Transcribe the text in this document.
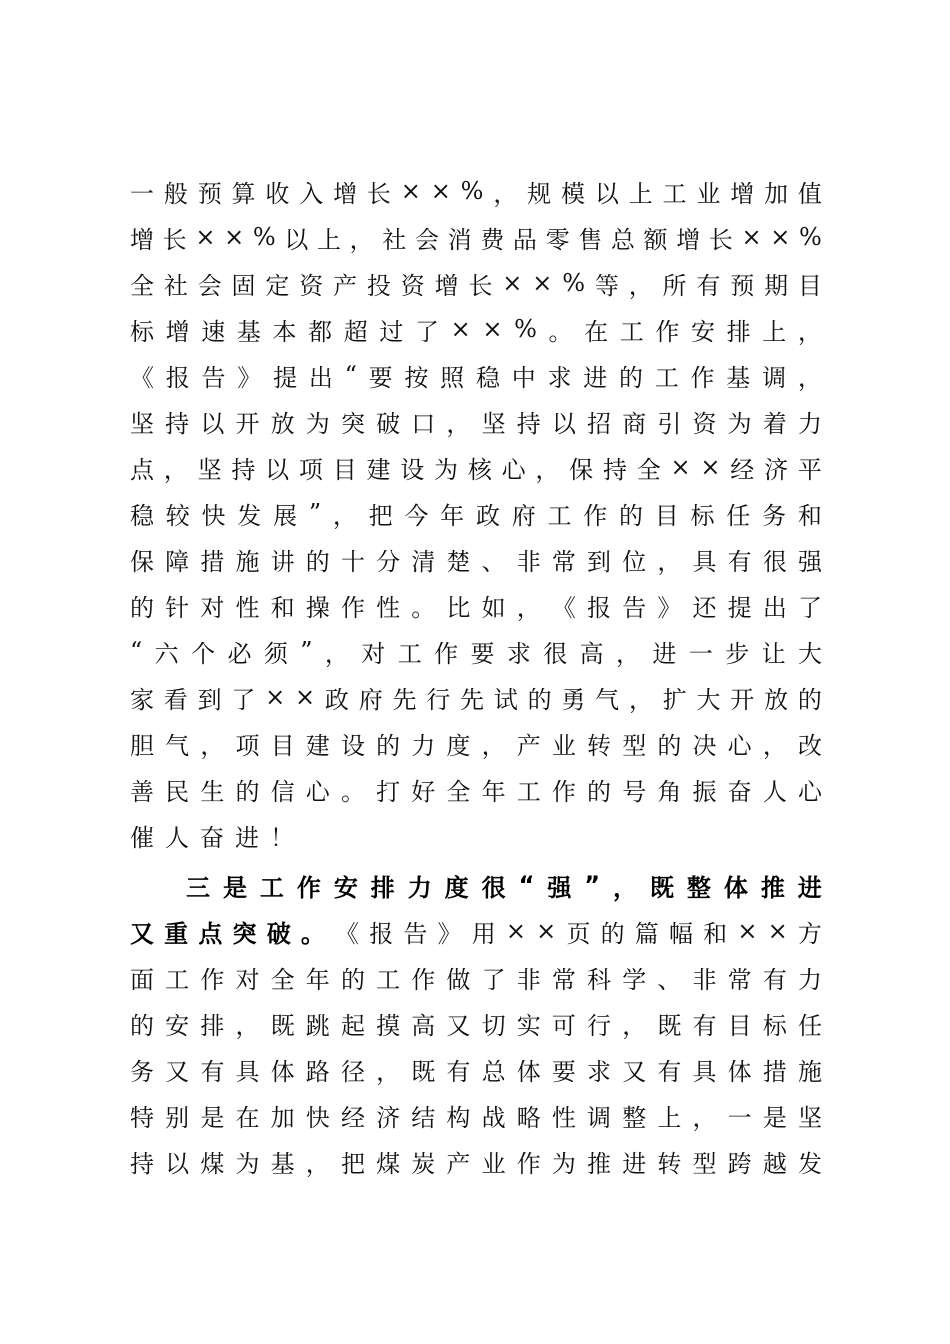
一 般 预 算 收 入 增 长 × × % ， 规 模 以 上 工 业 增 加 值
增 长 × × % 以 上 ， 社 会 消 费 品 零 售 总 额 增 长 × × %
全 社 会 固 定 资 产 投 资 增 长 × × % 等 ， 所 有 预 期 目
标 增 速 基 本 都 超 过 了 × × % 。 在 工 作 安 排 上 ，
《 报 告 》 提 出 “ 要 按 照 稳 中 求 进 的 工 作 基 调 ，
坚 持 以 开 放 为 突 破 口 ， 坚 持 以 招 商 引 资 为 着 力
点 ， 坚 持 以 项 目 建 设 为 核 心 ， 保 持 全 × × 经 济 平
稳 较 快 发 展 ” ， 把 今 年 政 府 工 作 的 目 标 任 务 和
保 障 措 施 讲 的 十 分 清 楚 、 非 常 到 位 ， 具 有 很 强
的 针 对 性 和 操 作 性 。 比 如 ， 《 报 告 》 还 提 出 了
“ 六 个 必 须 ” ， 对 工 作 要 求 很 高 ， 进 一 步 让 大
家 看 到 了 × × 政 府 先 行 先 试 的 勇 气 ， 扩 大 开 放 的
胆 气 ， 项 目 建 设 的 力 度 ， 产 业 转 型 的 决 心 ， 改
善 民 生 的 信 心 。 打 好 全 年 工 作 的 号 角 振 奋 人 心
催人奋进！
三 是 工 作 安 排 力 度 很 “ 强 ” ， 既 整 体 推 进
又 重 点 突 破 。 《 报 告 》 用 × × 页 的 篇 幅 和 × × 方
面 工 作 对 全 年 的 工 作 做 了 非 常 科 学 、 非 常 有 力
的 安 排 ， 既 跳 起 摸 高 又 切 实 可 行 ， 既 有 目 标 任
务 又 有 具 体 路 径 ， 既 有 总 体 要 求 又 有 具 体 措 施
特 别 是 在 加 快 经 济 结 构 战 略 性 调 整 上 ， 一 是 坚
持 以 煤 为 基 ， 把 煤 炭 产 业 作 为 推 进 转 型 跨 越 发
